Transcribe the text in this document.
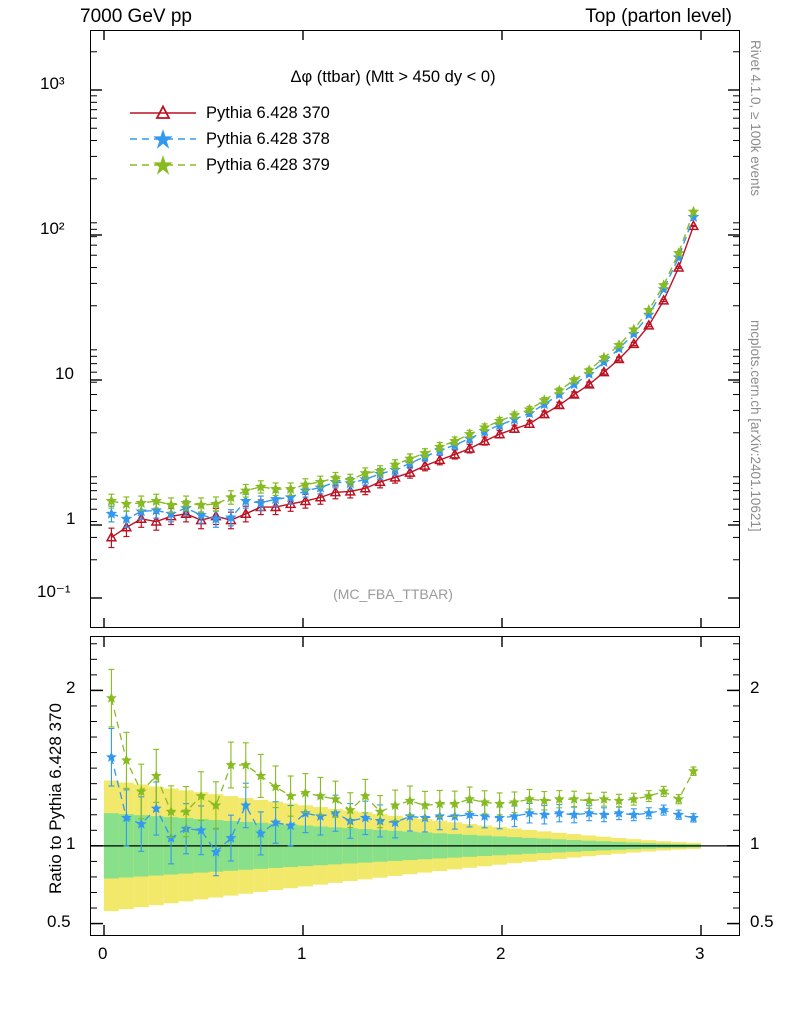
7000 GeV pp	Top (parton level)
Rivet 4.1.0, ≥ 100k events
mcplots.cern.ch [arXiv:2401.10621]
10³
10²
10
1
10⁻¹
Δφ (ttbar) (Mtt > 450 dy < 0)
(MC_FBA_TTBAR)
Pythia 6.428 370
Pythia 6.428 378
Pythia 6.428 379
2
1
0.5
2
1
0.5
Ratio to Pythia 6.428 370
0	1	2	3
